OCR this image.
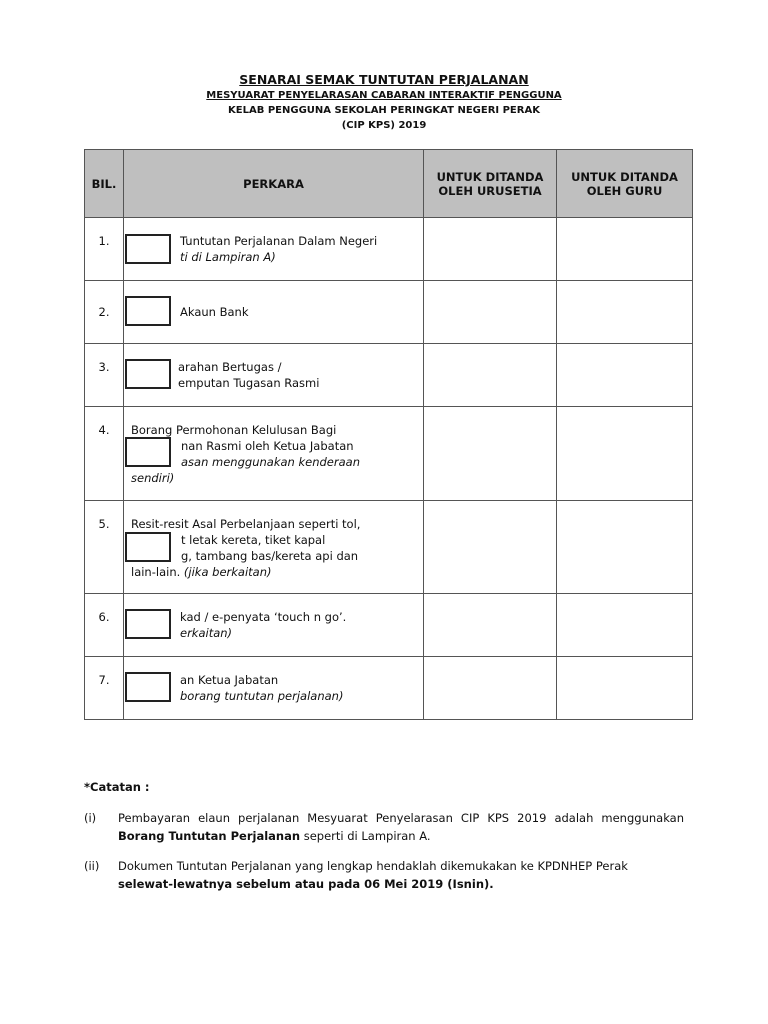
SENARAI SEMAK TUNTUTAN PERJALANAN
MESYUARAT PENYELARASAN CABARAN INTERAKTIF PENGGUNA
KELAB PENGGUNA SEKOLAH PERINGKAT NEGERI PERAK
(CIP KPS) 2019
BIL.	PERKARA	UNTUK DITANDA OLEH URUSETIA	UNTUK DITANDA OLEH GURU
1.	Tuntutan Perjalanan Dalam Negeri
ti di Lampiran A)		

2.	Akaun Bank		

3.	arahan Bertugas /
emputan Tugasan Rasmi		

4.	Borang Permohonan Kelulusan Bagi
nan Rasmi oleh Ketua Jabatan
asan menggunakan kenderaan
sendiri)		

5.	Resit-resit Asal Perbelanjaan seperti tol,
t letak kereta, tiket kapal
g, tambang bas/kereta api dan
lain-lain. (jika berkaitan)		

6.	kad / e-penyata ‘touch n go’.
erkaitan)		

7.	an Ketua Jabatan
borang tuntutan perjalanan)		

*Catatan :
(i) Pembayaran elaun perjalanan Mesyuarat Penyelarasan CIP KPS 2019 adalah menggunakan Borang Tuntutan Perjalanan seperti di Lampiran A.
(ii) Dokumen Tuntutan Perjalanan yang lengkap hendaklah dikemukakan ke KPDNHEP Perak selewat-lewatnya sebelum atau pada 06 Mei 2019 (Isnin).
